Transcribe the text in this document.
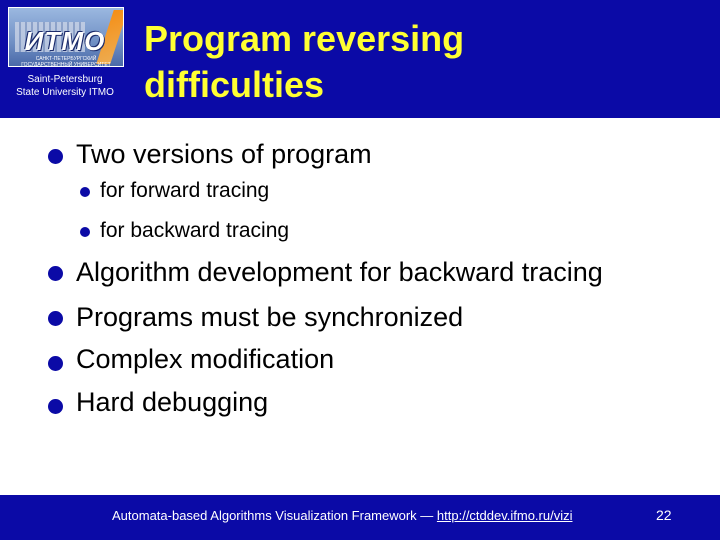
ИТМО
САНКТ-ПЕТЕРБУРГСКИЙ ГОСУДАРСТВЕННЫЙ УНИВЕРСИТЕТ
Saint-Petersburg
State University ITMO
Program reversing
difficulties
Two versions of program
for forward tracing
for backward tracing
Algorithm development for backward tracing
Programs must be synchronized
Complex modification
Hard debugging
Automata-based Algorithms Visualization Framework — http://ctddev.ifmo.ru/vizi	22
